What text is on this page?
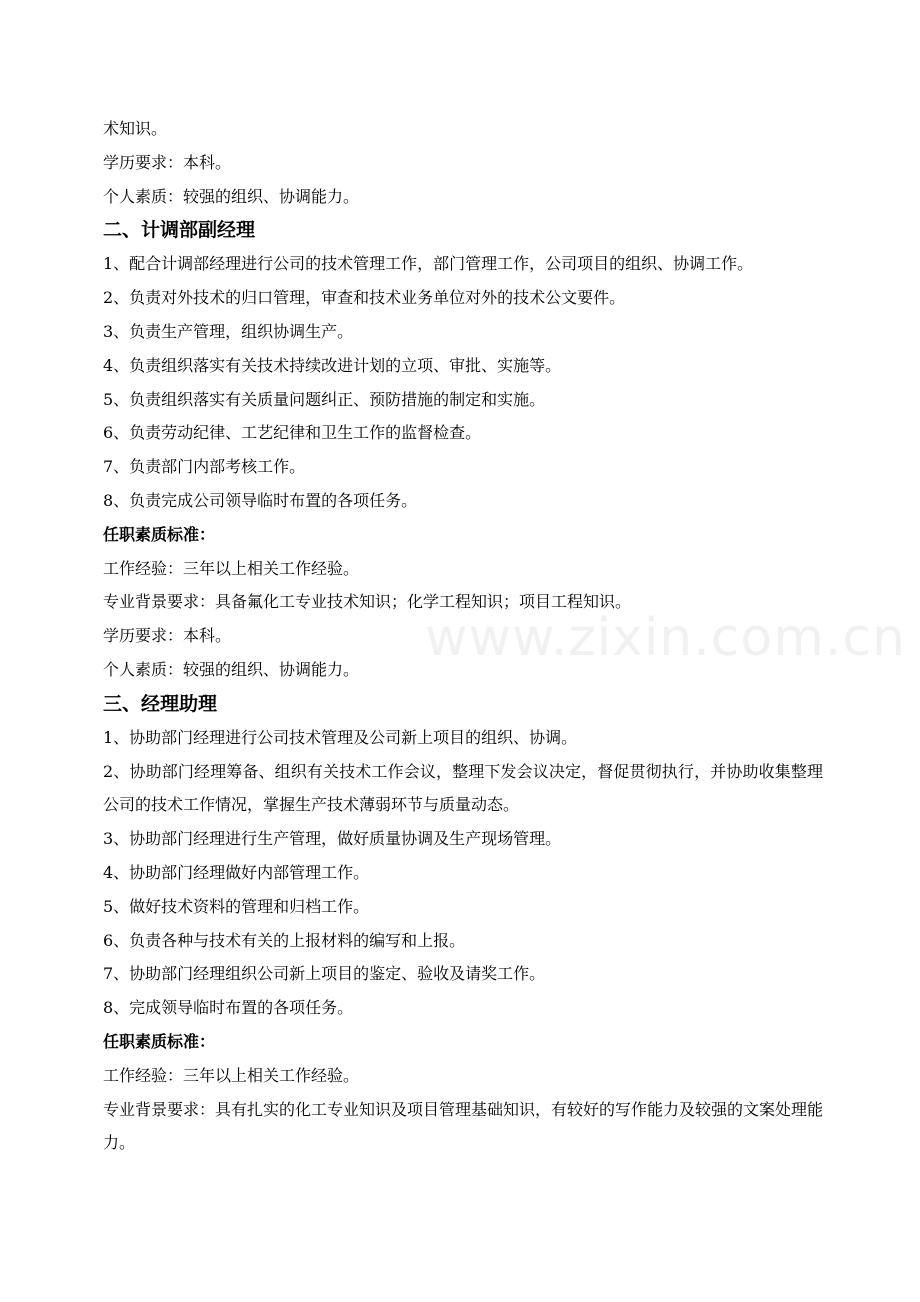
www.zixin.com.cn

术知识。

学历要求：本科。

个人素质：较强的组织、协调能力。

二、计调部副经理

1、配合计调部经理进行公司的技术管理工作，部门管理工作，公司项目的组织、协调工作。

2、负责对外技术的归口管理，审查和技术业务单位对外的技术公文要件。

3、负责生产管理，组织协调生产。

4、负责组织落实有关技术持续改进计划的立项、审批、实施等。

5、负责组织落实有关质量问题纠正、预防措施的制定和实施。

6、负责劳动纪律、工艺纪律和卫生工作的监督检查。

7、负责部门内部考核工作。

8、负责完成公司领导临时布置的各项任务。

任职素质标准：

工作经验：三年以上相关工作经验。

专业背景要求：具备氟化工专业技术知识；化学工程知识；项目工程知识。

学历要求：本科。

个人素质：较强的组织、协调能力。

三、经理助理

1、协助部门经理进行公司技术管理及公司新上项目的组织、协调。

2、协助部门经理筹备、组织有关技术工作会议，整理下发会议决定，督促贯彻执行，并协助收集整理公司的技术工作情况，掌握生产技术薄弱环节与质量动态。

3、协助部门经理进行生产管理，做好质量协调及生产现场管理。

4、协助部门经理做好内部管理工作。

5、做好技术资料的管理和归档工作。

6、负责各种与技术有关的上报材料的编写和上报。

7、协助部门经理组织公司新上项目的鉴定、验收及请奖工作。

8、完成领导临时布置的各项任务。

任职素质标准：

工作经验：三年以上相关工作经验。

专业背景要求：具有扎实的化工专业知识及项目管理基础知识，有较好的写作能力及较强的文案处理能力。
